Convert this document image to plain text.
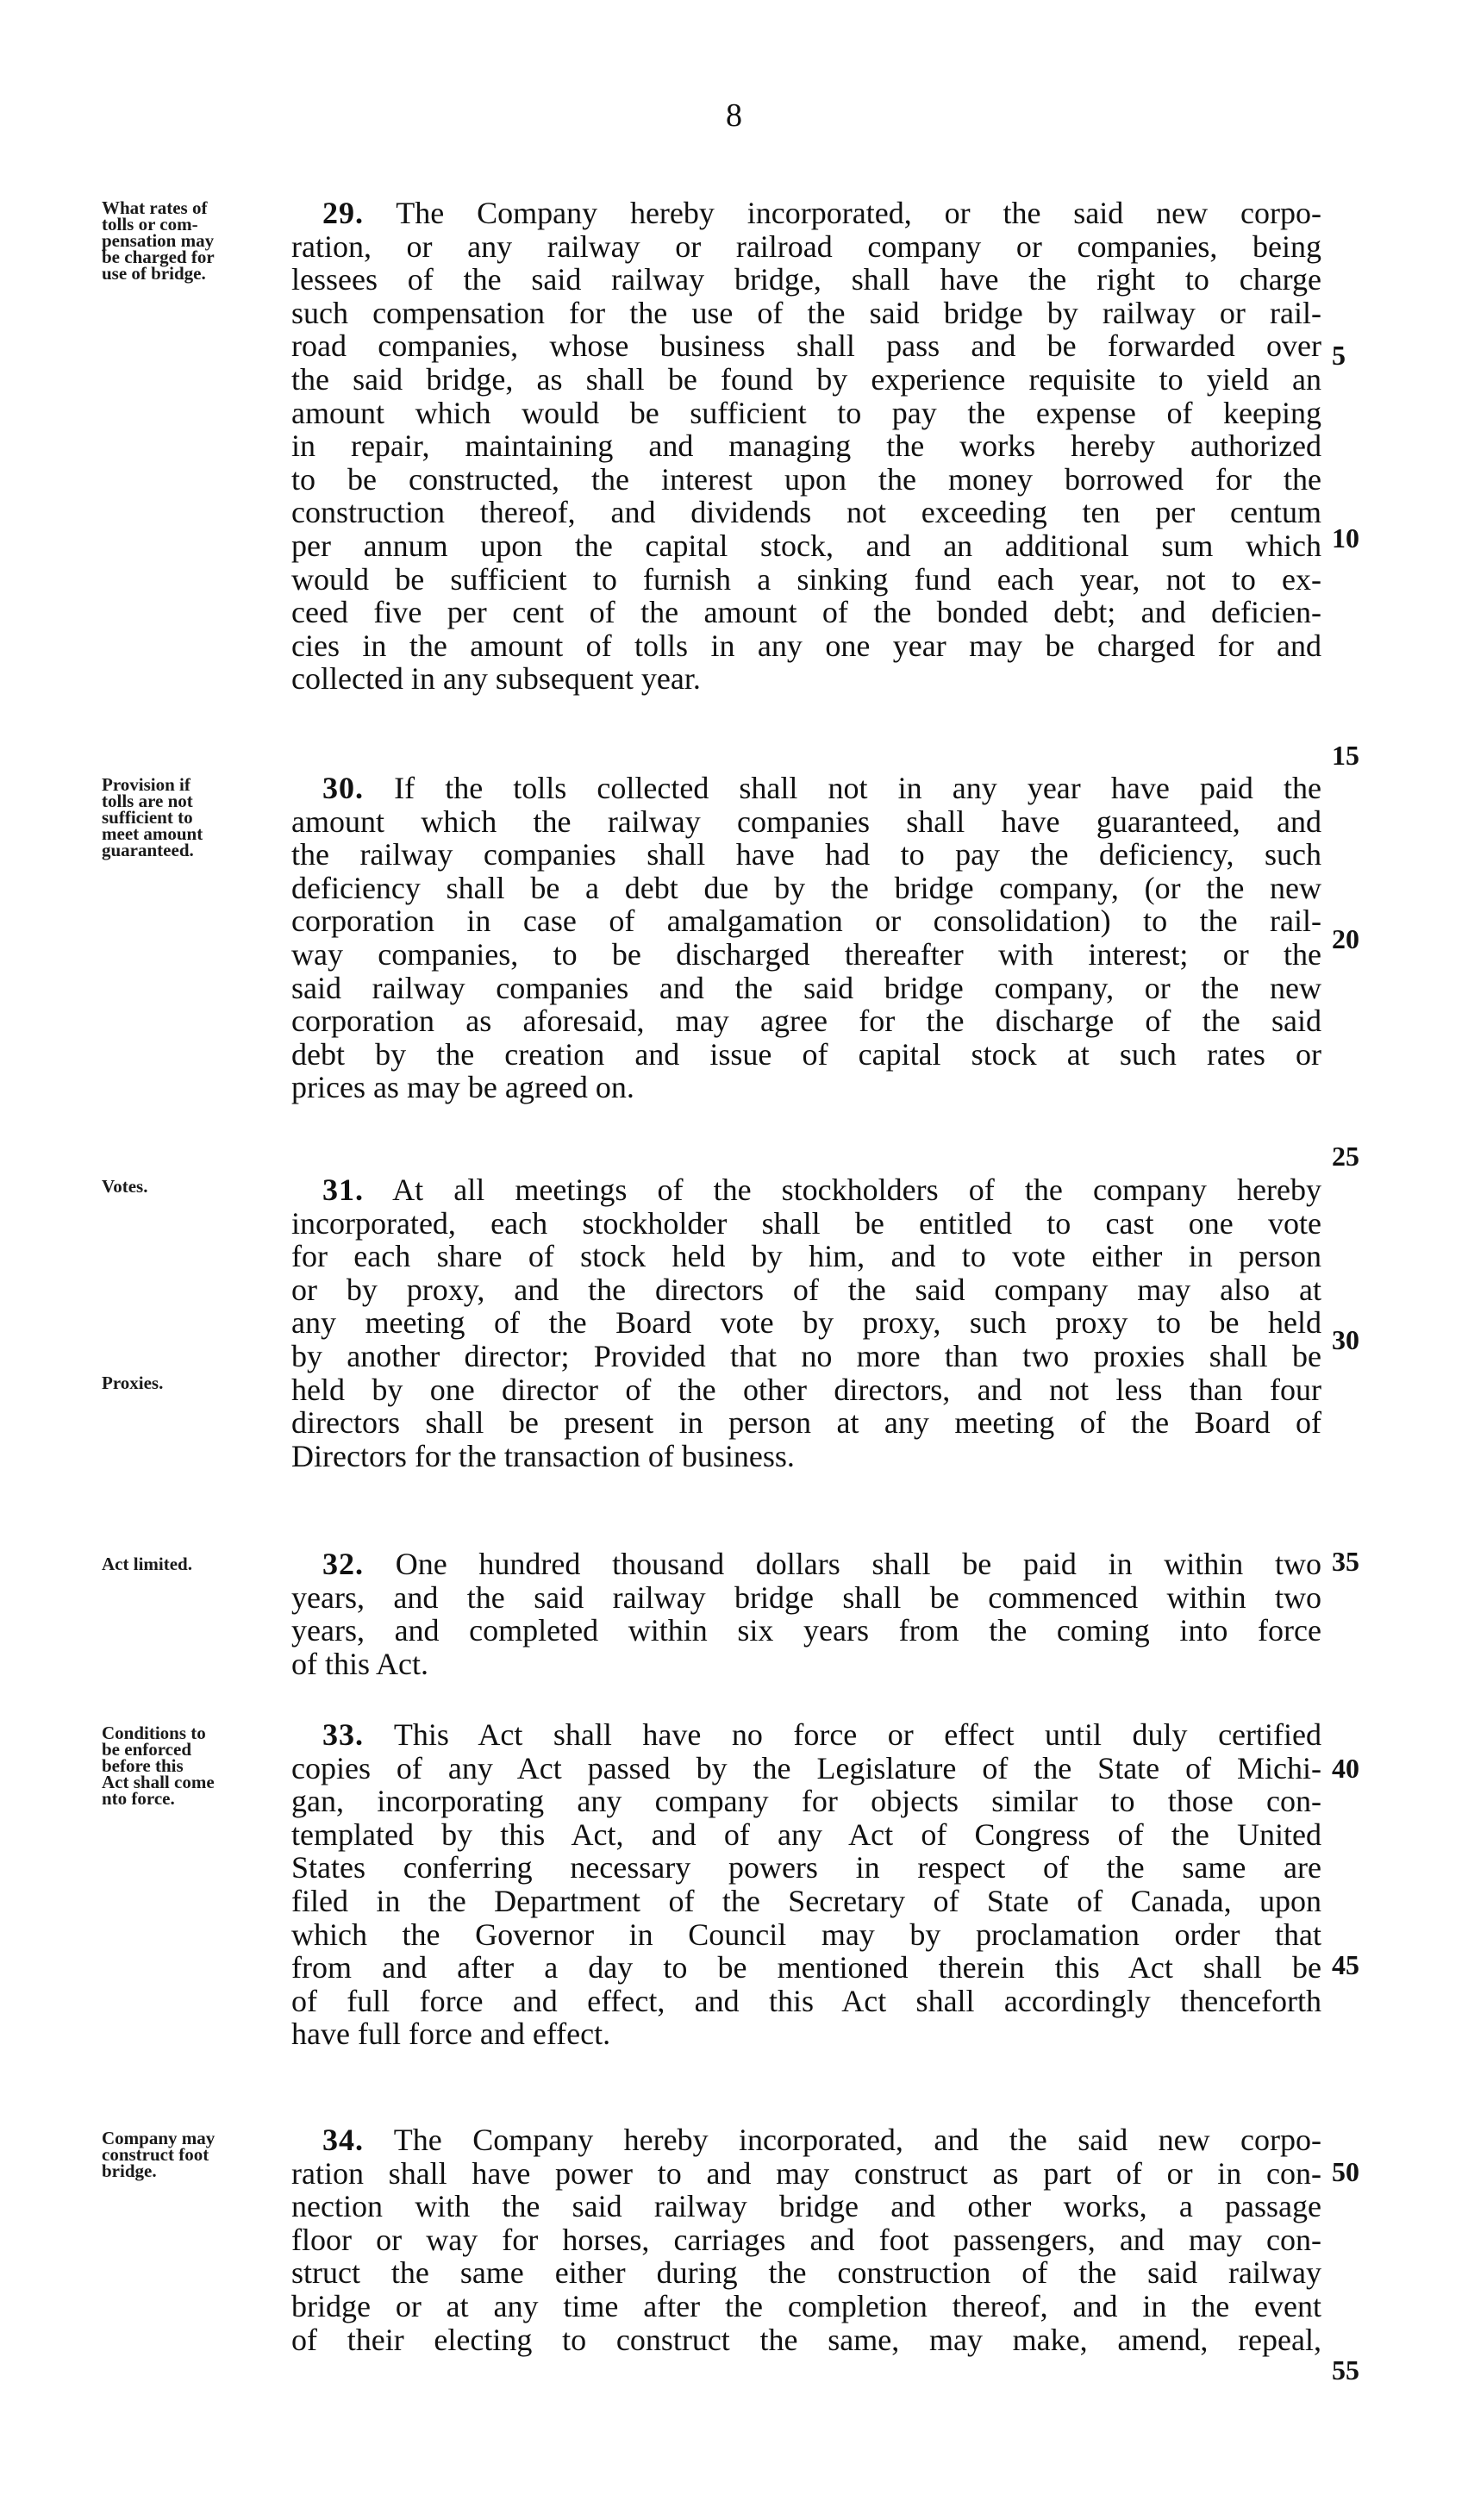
8
What rates of
tolls or com-
pensation may
be charged for
use of bridge.
29. The Company hereby incorporated, or the said new corpo-
ration, or any railway or railroad company or companies, being
lessees of the said railway bridge, shall have the right to charge
such compensation for the use of the said bridge by railway or rail-
road companies, whose business shall pass and be forwarded over
the said bridge, as shall be found by experience requisite to yield an
amount which would be sufficient to pay the expense of keeping
in repair, maintaining and managing the works hereby authorized
to be constructed, the interest upon the money borrowed for the
construction thereof, and dividends not exceeding ten per centum
per annum upon the capital stock, and an additional sum which
would be sufficient to furnish a sinking fund each year, not to ex-
ceed five per cent of the amount of the bonded debt; and deficien-
cies in the amount of tolls in any one year may be charged for and
collected in any subsequent year.
Provision if
tolls are not
sufficient to
meet amount
guaranteed.
30. If the tolls collected shall not in any year have paid the
amount which the railway companies shall have guaranteed, and
the railway companies shall have had to pay the deficiency, such
deficiency shall be a debt due by the bridge company, (or the new
corporation in case of amalgamation or consolidation) to the rail-
way companies, to be discharged thereafter with interest; or the
said railway companies and the said bridge company, or the new
corporation as aforesaid, may agree for the discharge of the said
debt by the creation and issue of capital stock at such rates or
prices as may be agreed on.
Votes.
Proxies.
31. At all meetings of the stockholders of the company hereby
incorporated, each stockholder shall be entitled to cast one vote
for each share of stock held by him, and to vote either in person
or by proxy, and the directors of the said company may also at
any meeting of the Board vote by proxy, such proxy to be held
by another director; Provided that no more than two proxies shall be
held by one director of the other directors, and not less than four
directors shall be present in person at any meeting of the Board of
Directors for the transaction of business.
Act limited.	32. One hundred thousand dollars shall be paid in within two
years, and the said railway bridge shall be commenced within two
years, and completed within six years from the coming into force
of this Act.
Conditions to
be enforced
before this
Act shall come
nto force.
33. This Act shall have no force or effect until duly certified
copies of any Act passed by the Legislature of the State of Michi-
gan, incorporating any company for objects similar to those con-
templated by this Act, and of any Act of Congress of the United
States conferring necessary powers in respect of the same are
filed in the Department of the Secretary of State of Canada, upon
which the Governor in Council may by proclamation order that
from and after a day to be mentioned therein this Act shall be
of full force and effect, and this Act shall accordingly thenceforth
have full force and effect.
Company may
construct foot
bridge.
34. The Company hereby incorporated, and the said new corpo-
ration shall have power to and may construct as part of or in con-
nection with the said railway bridge and other works, a passage
floor or way for horses, carriages and foot passengers, and may con-
struct the same either during the construction of the said railway
bridge or at any time after the completion thereof, and in the event
of their electing to construct the same, may make, amend, repeal,
5
10
15
20
25
30
35
40
45
50
55
